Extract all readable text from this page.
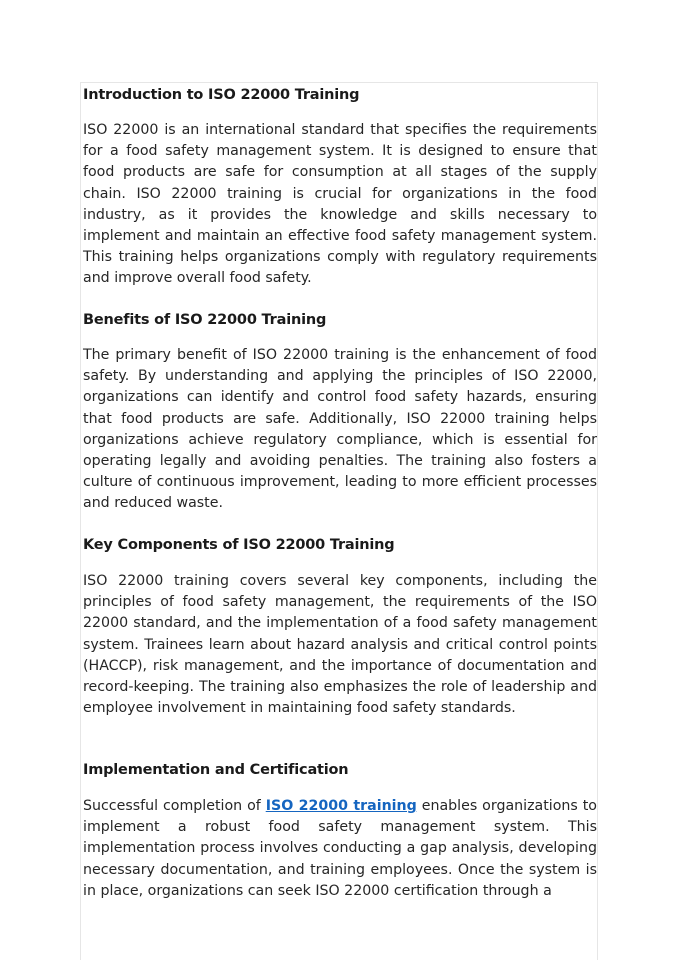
Introduction to ISO 22000 Training

ISO 22000 is an international standard that specifies the requirements for a food safety management system. It is designed to ensure that food products are safe for consumption at all stages of the supply chain. ISO 22000 training is crucial for organizations in the food industry, as it provides the knowledge and skills necessary to implement and maintain an effective food safety management system. This training helps organizations comply with regulatory requirements and improve overall food safety.

Benefits of ISO 22000 Training

The primary benefit of ISO 22000 training is the enhancement of food safety. By understanding and applying the principles of ISO 22000, organizations can identify and control food safety hazards, ensuring that food products are safe. Additionally, ISO 22000 training helps organizations achieve regulatory compliance, which is essential for operating legally and avoiding penalties. The training also fosters a culture of continuous improvement, leading to more efficient processes and reduced waste.

Key Components of ISO 22000 Training

ISO 22000 training covers several key components, including the principles of food safety management, the requirements of the ISO 22000 standard, and the implementation of a food safety management system. Trainees learn about hazard analysis and critical control points (HACCP), risk management, and the importance of documentation and record-keeping. The training also emphasizes the role of leadership and employee involvement in maintaining food safety standards.

Implementation and Certification

Successful completion of ISO 22000 training enables organizations to implement a robust food safety management system. This implementation process involves conducting a gap analysis, developing necessary documentation, and training employees. Once the system is in place, organizations can seek ISO 22000 certification through a
